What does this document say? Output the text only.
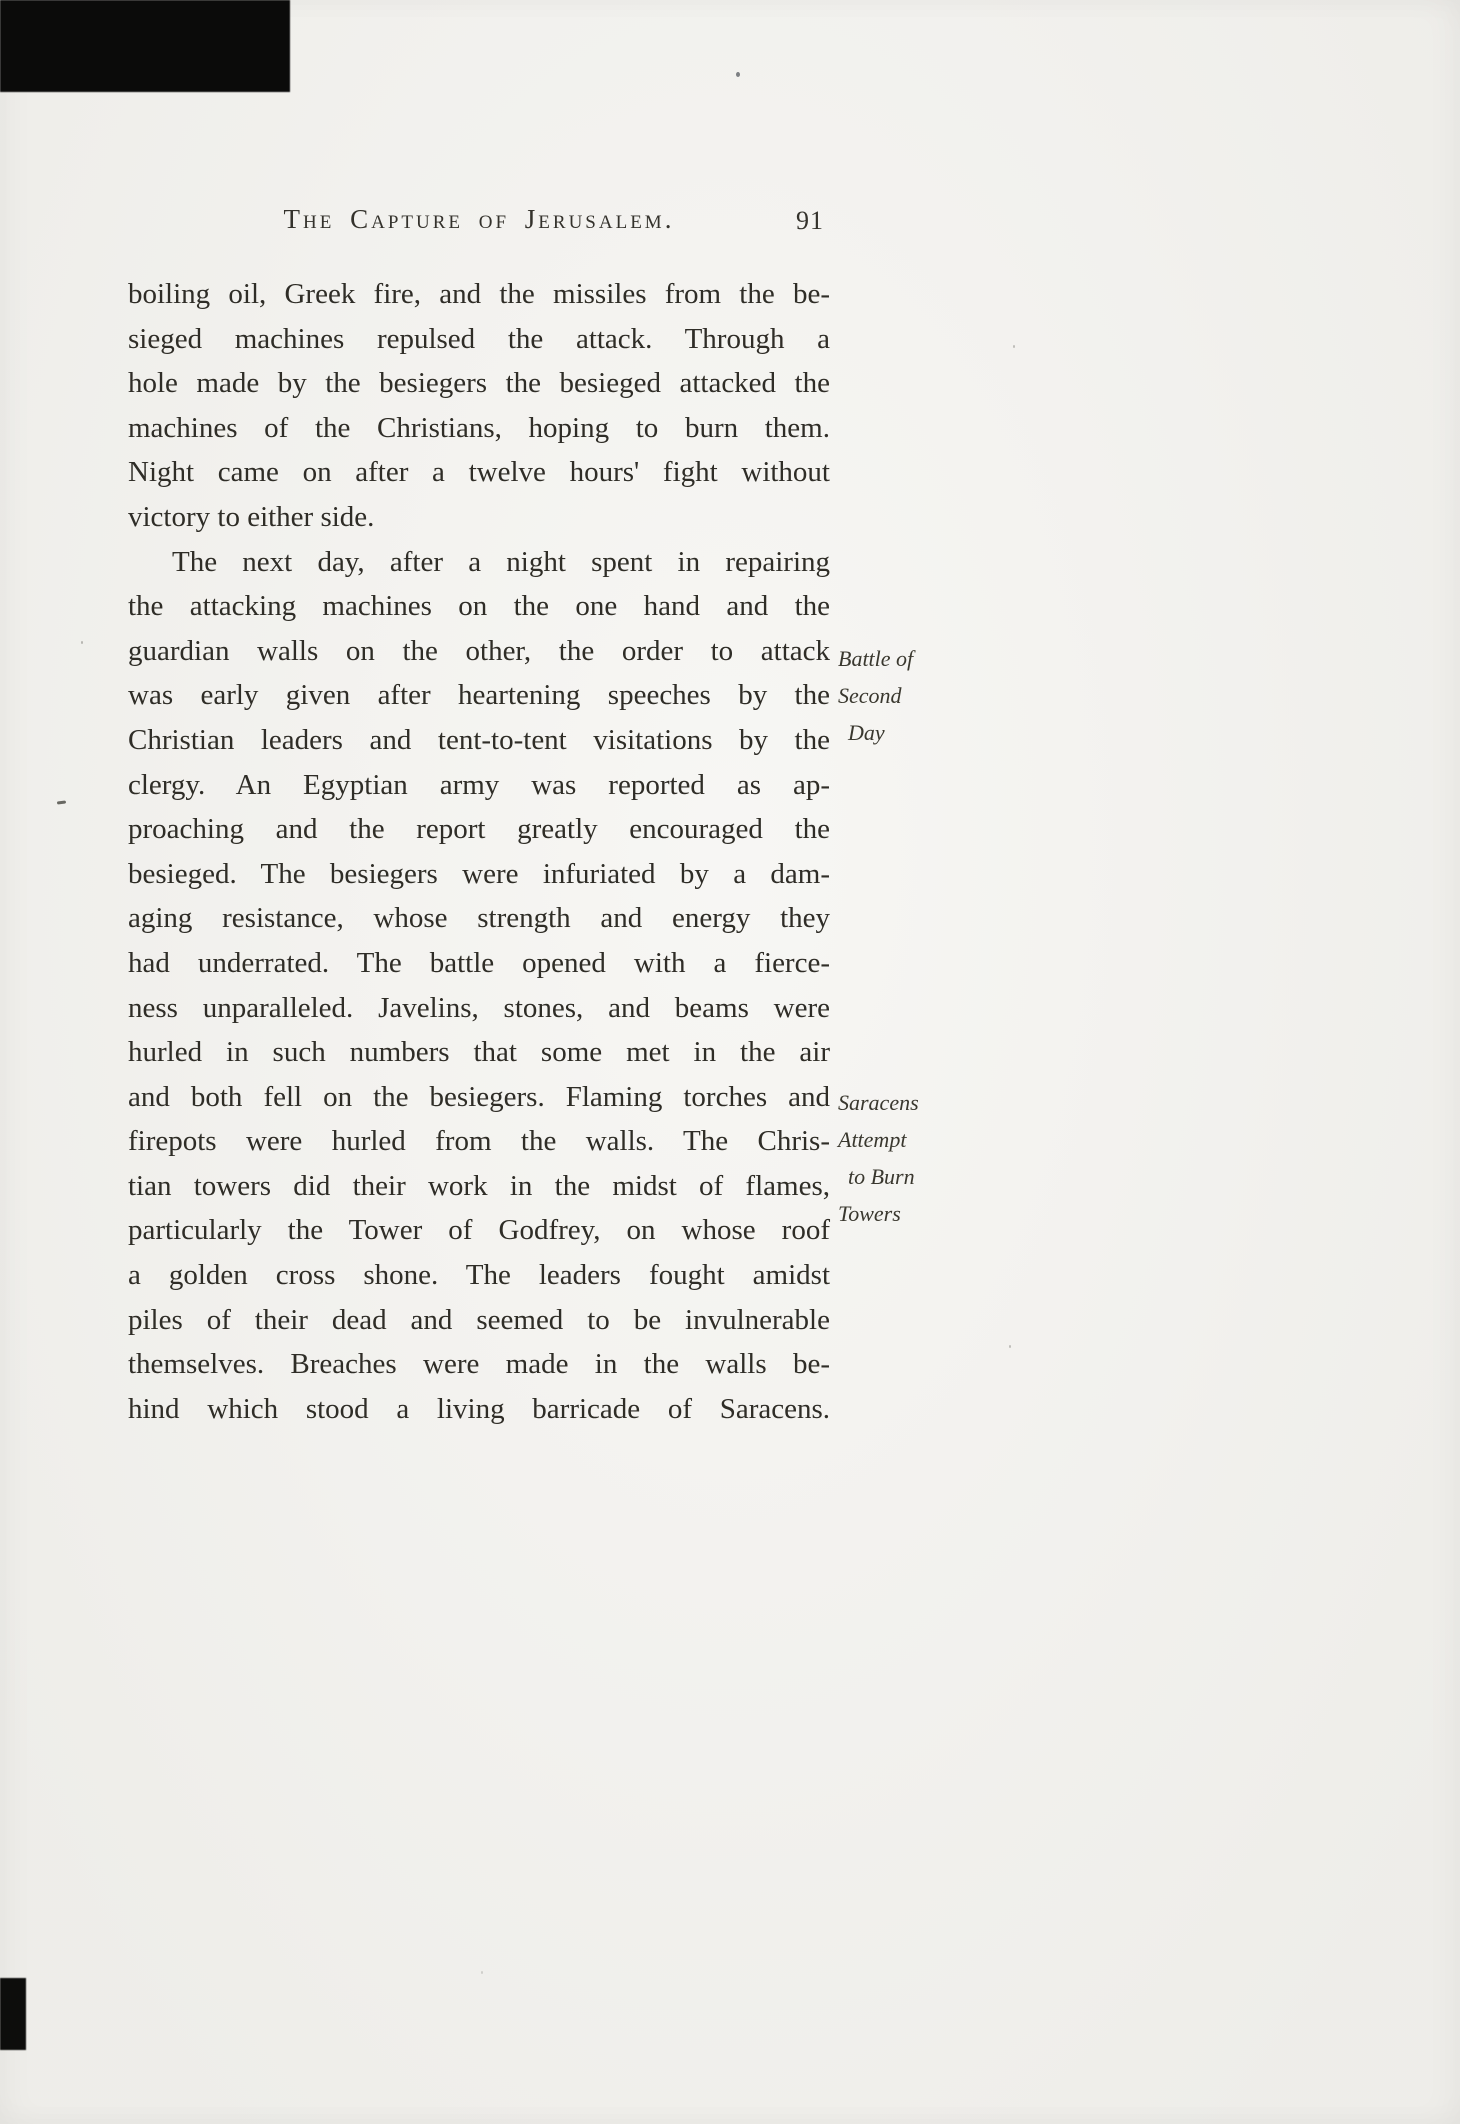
The Capture of Jerusalem.	91
boiling oil, Greek fire, and the missiles from the be-
sieged machines repulsed the attack. Through a
hole made by the besiegers the besieged attacked the
machines of the Christians, hoping to burn them.
Night came on after a twelve hours' fight without
victory to either side.
The next day, after a night spent in repairing
the attacking machines on the one hand and the
guardian walls on the other, the order to attack
was early given after heartening speeches by the
Christian leaders and tent-to-tent visitations by the
clergy. An Egyptian army was reported as ap-
proaching and the report greatly encouraged the
besieged. The besiegers were infuriated by a dam-
aging resistance, whose strength and energy they
had underrated. The battle opened with a fierce-
ness unparalleled. Javelins, stones, and beams were
hurled in such numbers that some met in the air
and both fell on the besiegers. Flaming torches and
firepots were hurled from the walls. The Chris-
tian towers did their work in the midst of flames,
particularly the Tower of Godfrey, on whose roof
a golden cross shone. The leaders fought amidst
piles of their dead and seemed to be invulnerable
themselves. Breaches were made in the walls be-
hind which stood a living barricade of Saracens.
Battle of
Second
Day
Saracens
Attempt
to Burn
Towers
